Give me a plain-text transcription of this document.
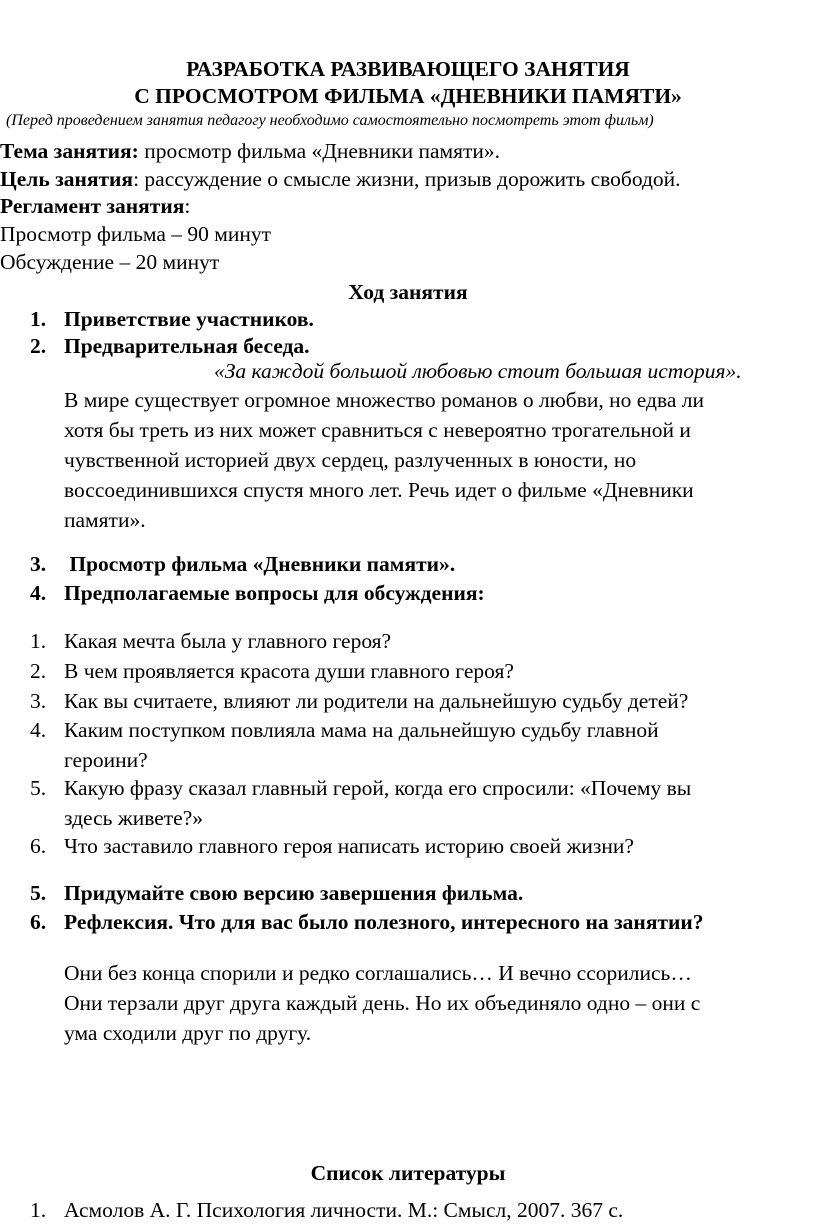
РАЗРАБОТКА РАЗВИВАЮЩЕГО ЗАНЯТИЯ

С ПРОСМОТРОМ ФИЛЬМА «ДНЕВНИКИ ПАМЯТИ»

(Перед проведением занятия педагогу необходимо самостоятельно посмотреть этот фильм)
Тема занятия: просмотр фильма «Дневники памяти».
Цель занятия: рассуждение о смысле жизни, призыв дорожить свободой.
Регламент занятия:
Просмотр фильма – 90 минут
Обсуждение – 20 минут
Ход занятия
1. Приветствие участников.
2. Предварительная беседа.
«За каждой большой любовью стоит большая история».
В мире существует огромное множество романов о любви, но едва ли
хотя бы треть из них может сравниться с невероятно трогательной и
чувственной историей двух сердец, разлученных в юности, но
воссоединившихся спустя много лет. Речь идет о фильме «Дневники
памяти».
3. Просмотр фильма «Дневники памяти».
4. Предполагаемые вопросы для обсуждения:
1. Какая мечта была у главного героя?
2. В чем проявляется красота души главного героя?
3. Как вы считаете, влияют ли родители на дальнейшую судьбу детей?
4. Каким поступком повлияла мама на дальнейшую судьбу главной
героини?
5. Какую фразу сказал главный герой, когда его спросили: «Почему вы
здесь живете?»
6. Что заставило главного героя написать историю своей жизни?
5. Придумайте свою версию завершения фильма.
6. Рефлексия. Что для вас было полезного, интересного на занятии?
Они без конца спорили и редко соглашались… И вечно ссорились…
Они терзали друг друга каждый день. Но их объединяло одно – они с
ума сходили друг по другу.
Список литературы
1. Асмолов А. Г. Психология личности. М.: Смысл, 2007. 367 с.
